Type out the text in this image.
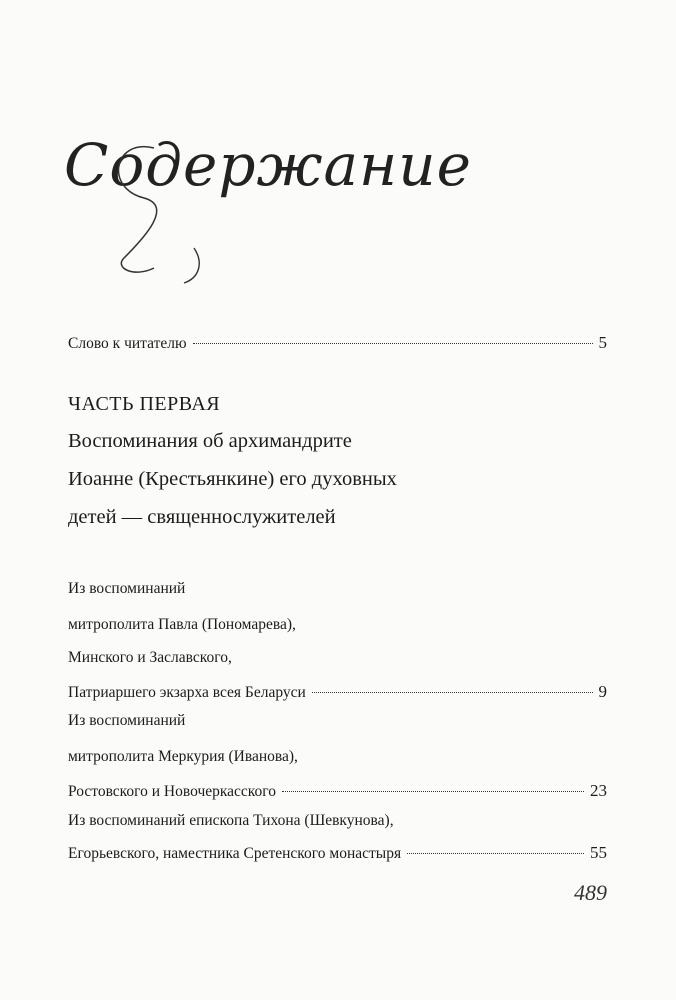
Содержание
Слово к читателю	5
ЧАСТЬ ПЕРВАЯ
Воспоминания об архимандрите
Иоанне (Крестьянкине) его духовных
детей — священнослужителей
Из воспоминаний
митрополита Павла (Пономарева),
Минского и Заславского,
Патриаршего экзарха всея Беларуси	9
Из воспоминаний
митрополита Меркурия (Иванова),
Ростовского и Новочеркасского	23
Из воспоминаний епископа Тихона (Шевкунова),
Егорьевского, наместника Сретенского монастыря	55
489
